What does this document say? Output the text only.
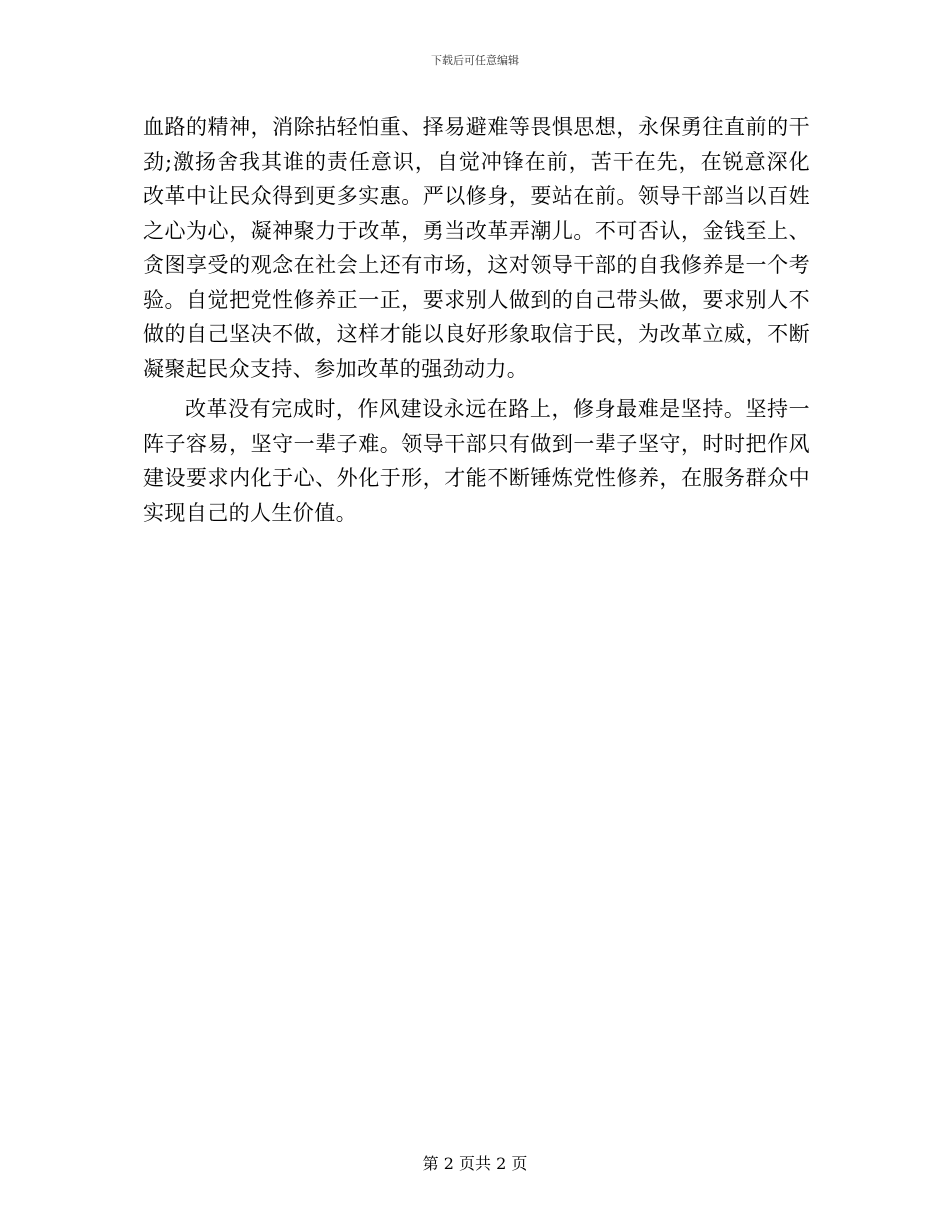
下载后可任意编辑

血路的精神，消除拈轻怕重、择易避难等畏惧思想，永保勇往直前的干劲;激扬舍我其谁的责任意识，自觉冲锋在前，苦干在先，在锐意深化改革中让民众得到更多实惠。严以修身，要站在前。领导干部当以百姓之心为心，凝神聚力于改革，勇当改革弄潮儿。不可否认，金钱至上、贪图享受的观念在社会上还有市场，这对领导干部的自我修养是一个考验。自觉把党性修养正一正，要求别人做到的自己带头做，要求别人不做的自己坚决不做，这样才能以良好形象取信于民，为改革立威，不断凝聚起民众支持、参加改革的强劲动力。

改革没有完成时，作风建设永远在路上，修身最难是坚持。坚持一阵子容易，坚守一辈子难。领导干部只有做到一辈子坚守，时时把作风建设要求内化于心、外化于形，才能不断锤炼党性修养，在服务群众中实现自己的人生价值。

第 2 页共 2 页
